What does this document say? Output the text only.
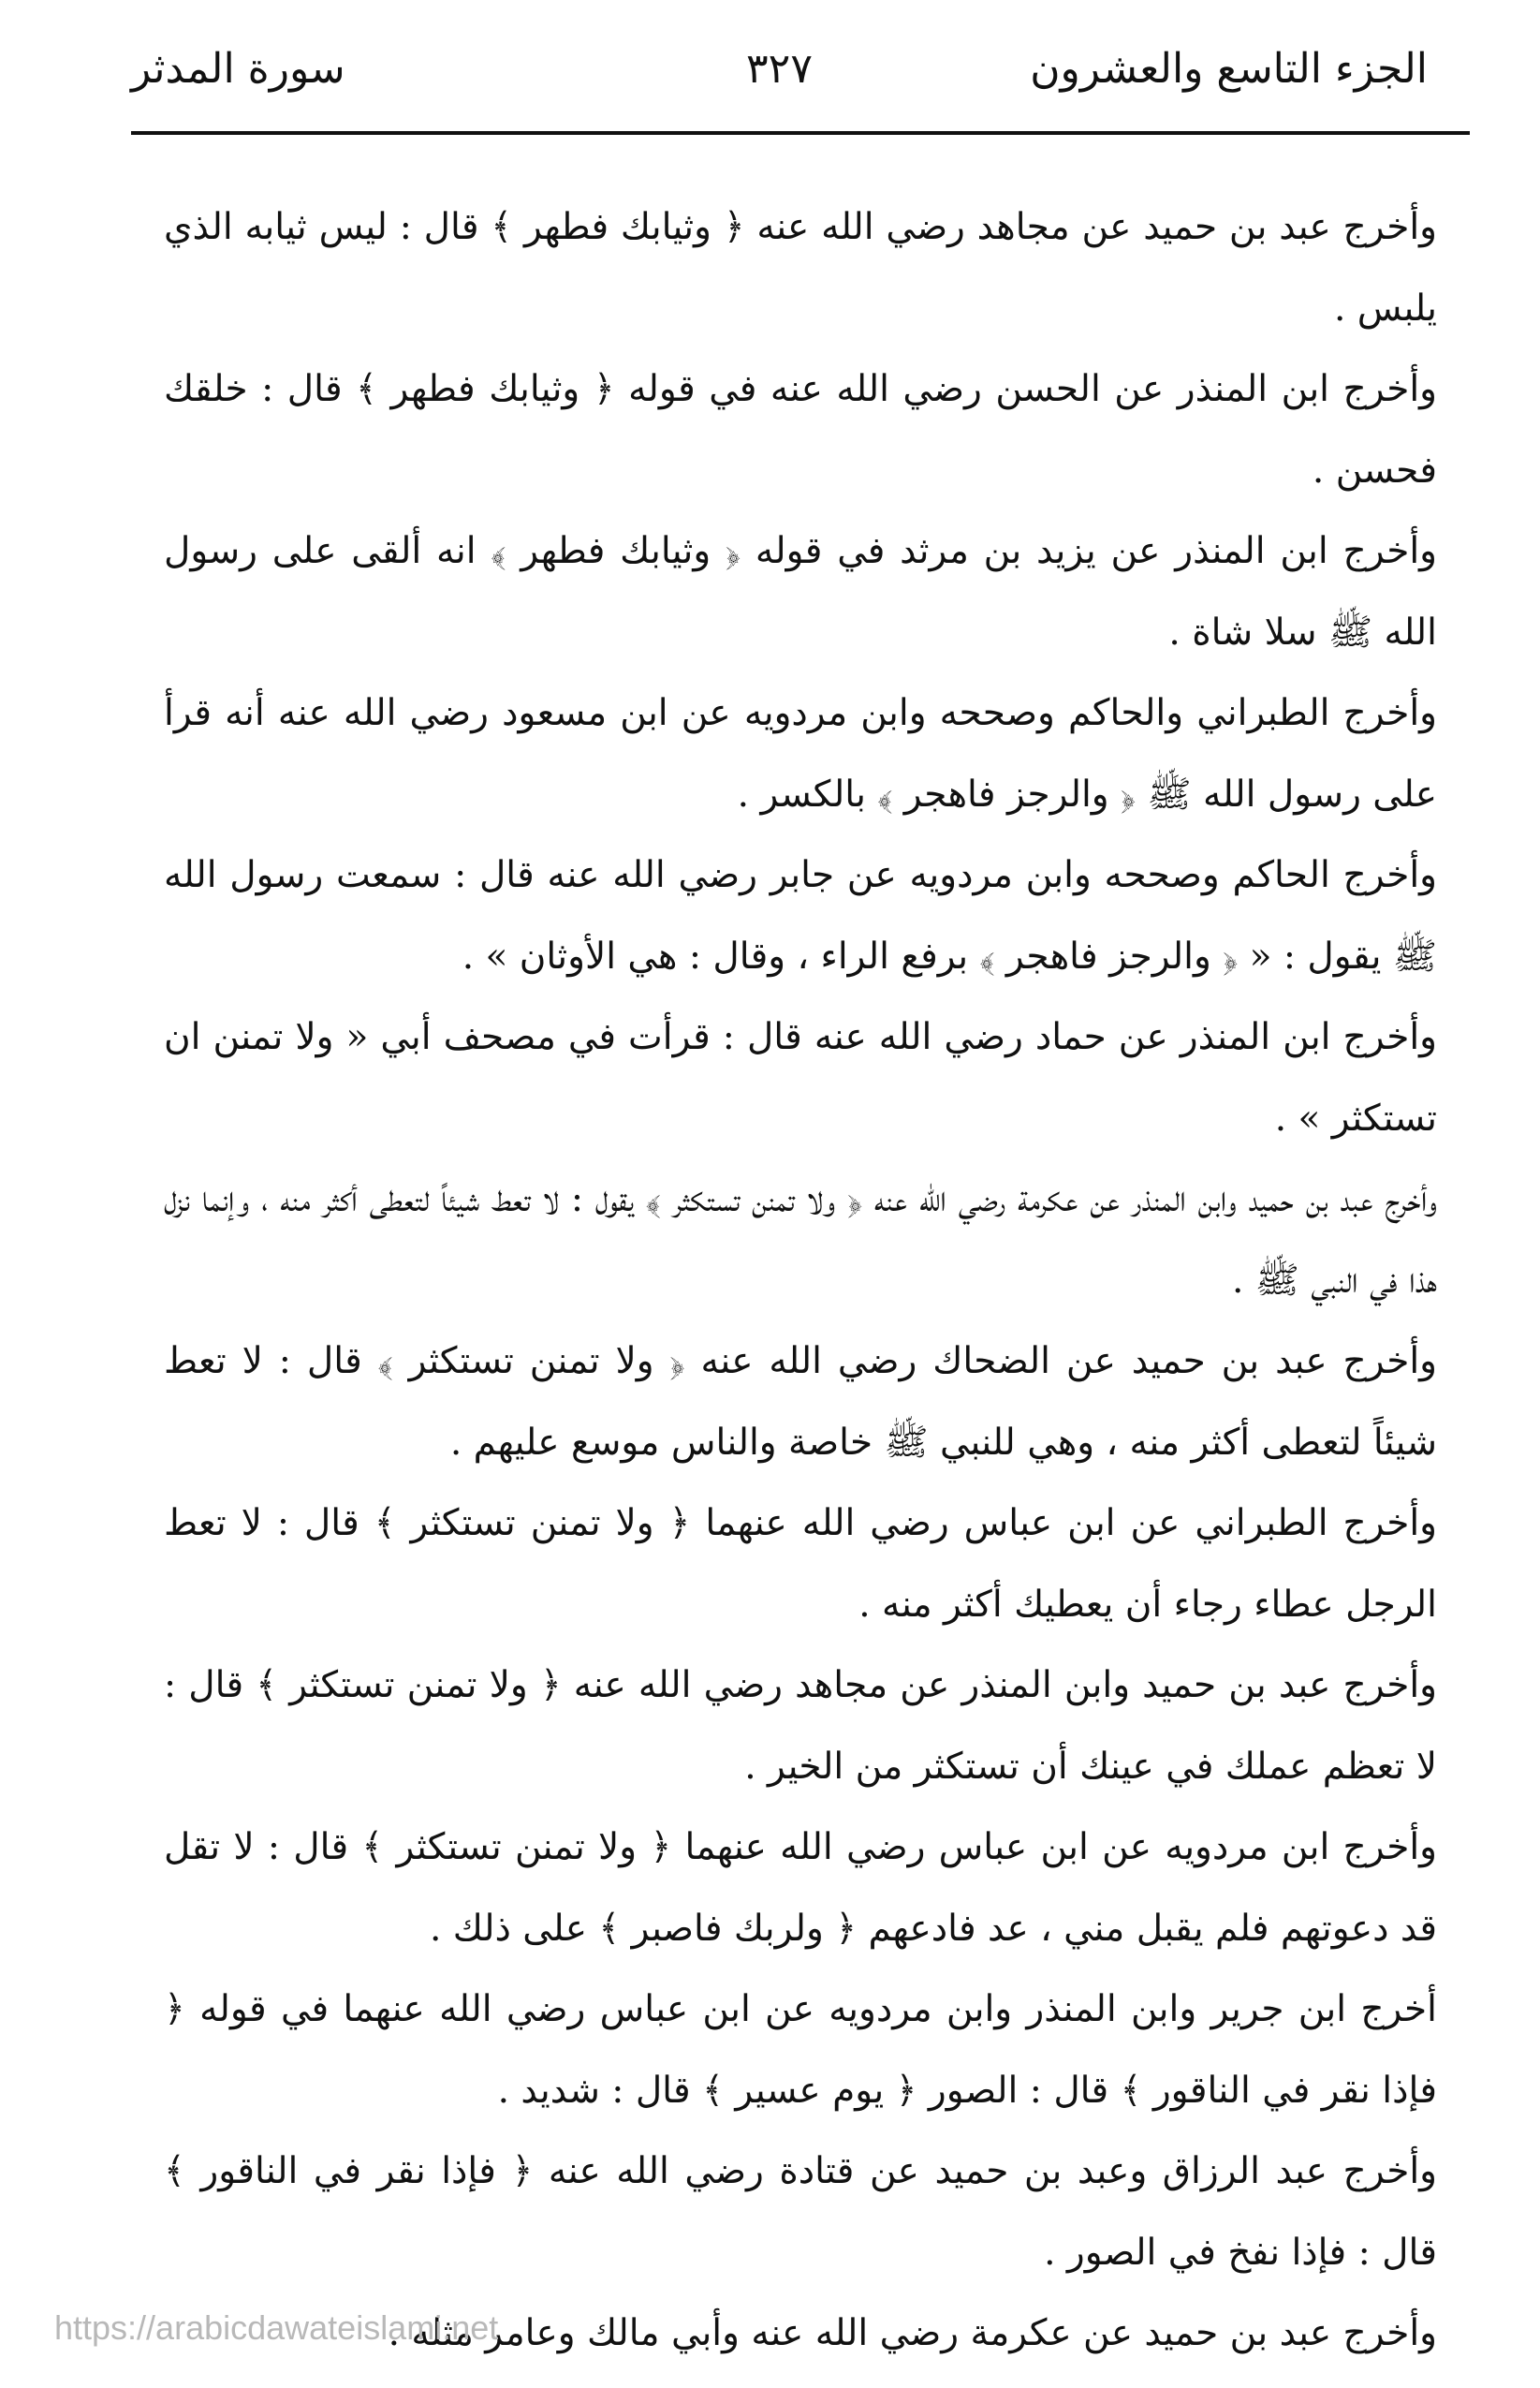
الجزء التاسع والعشرون
٣٢٧
سورة المدثر

وأخرج عبد بن حميد عن مجاهد رضي الله عنه ﴿ وثيابك فطهر ﴾ قال : ليس ثيابه الذي يلبس .

وأخرج ابن المنذر عن الحسن رضي الله عنه في قوله ﴿ وثيابك فطهر ﴾ قال : خلقك فحسن .

وأخرج ابن المنذر عن يزيد بن مرثد في قوله ﴿ وثيابك فطهر ﴾ انه ألقى على رسول الله ﷺ سلا شاة .

وأخرج الطبراني والحاكم وصححه وابن مردويه عن ابن مسعود رضي الله عنه أنه قرأ على رسول الله ﷺ ﴿ والرجز فاهجر ﴾ بالكسر .

وأخرج الحاكم وصححه وابن مردويه عن جابر رضي الله عنه قال : سمعت رسول الله ﷺ يقول : « ﴿ والرجز فاهجر ﴾ برفع الراء ، وقال : هي الأوثان » .

وأخرج ابن المنذر عن حماد رضي الله عنه قال : قرأت في مصحف أبي « ولا تمنن ان تستكثر » .

وأخرج عبد بن حميد وابن المنذر عن عكرمة رضي الله عنه ﴿ ولا تمنن تستكثر ﴾ يقول : لا تعط شيئاً لتعطى أكثر منه ، وإنما نزل هذا في النبي ﷺ .

وأخرج عبد بن حميد عن الضحاك رضي الله عنه ﴿ ولا تمنن تستكثر ﴾ قال : لا تعط شيئاً لتعطى أكثر منه ، وهي للنبي ﷺ خاصة والناس موسع عليهم .

وأخرج الطبراني عن ابن عباس رضي الله عنهما ﴿ ولا تمنن تستكثر ﴾ قال : لا تعط الرجل عطاء رجاء أن يعطيك أكثر منه .

وأخرج عبد بن حميد وابن المنذر عن مجاهد رضي الله عنه ﴿ ولا تمنن تستكثر ﴾ قال : لا تعظم عملك في عينك أن تستكثر من الخير .

وأخرج ابن مردويه عن ابن عباس رضي الله عنهما ﴿ ولا تمنن تستكثر ﴾ قال : لا تقل قد دعوتهم فلم يقبل مني ، عد فادعهم ﴿ ولربك فاصبر ﴾ على ذلك .

أخرج ابن جرير وابن المنذر وابن مردويه عن ابن عباس رضي الله عنهما في قوله ﴿ فإذا نقر في الناقور ﴾ قال : الصور ﴿ يوم عسير ﴾ قال : شديد .

وأخرج عبد الرزاق وعبد بن حميد عن قتادة رضي الله عنه ﴿ فإذا نقر في الناقور ﴾ قال : فإذا نفخ في الصور .

وأخرج عبد بن حميد عن عكرمة رضي الله عنه وأبي مالك وعامر مثله .

https://arabicdawateislami.net
